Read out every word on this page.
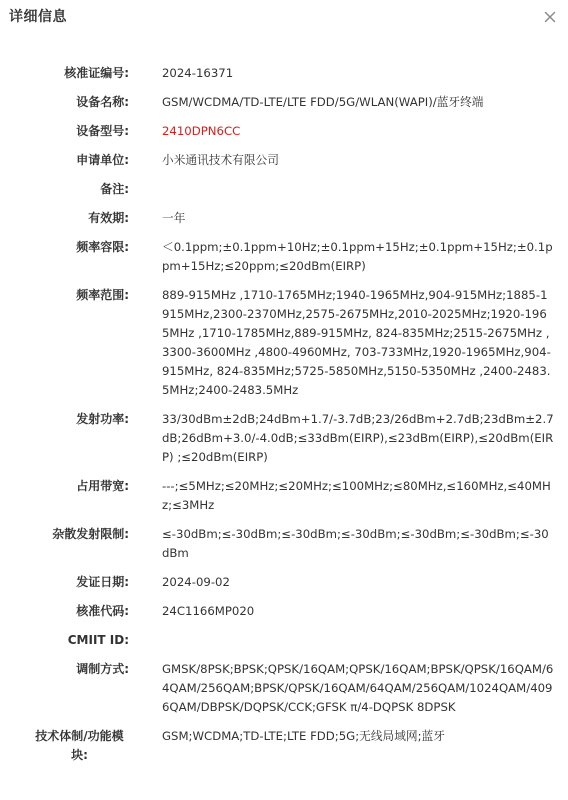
详细信息
核准证编号:	2024-16371
设备名称:	GSM/WCDMA/TD-LTE/LTE FDD/5G/WLAN(WAPI)/蓝牙终端
设备型号:	2410DPN6CC
申请单位:	小米通讯技术有限公司
备注:
有效期:	一年
频率容限:	＜0.1ppm;±0.1ppm+10Hz;±0.1ppm+15Hz;±0.1ppm+15Hz;±0.1ppm+15Hz;≤20ppm;≤20dBm(EIRP)
频率范围:	889-915MHz ,1710-1765MHz;1940-1965MHz,904-915MHz;1885-1915MHz,2300-2370MHz,2575-2675MHz,2010-2025MHz;1920-1965MHz ,1710-1785MHz,889-915MHz, 824-835MHz;2515-2675MHz ,3300-3600MHz ,4800-4960MHz, 703-733MHz,1920-1965MHz,904-915MHz, 824-835MHz;5725-5850MHz,5150-5350MHz ,2400-2483.5MHz;2400-2483.5MHz
发射功率:	33/30dBm±2dB;24dBm+1.7/-3.7dB;23/26dBm+2.7dB;23dBm±2.7dB;26dBm+3.0/-4.0dB;≤33dBm(EIRP),≤23dBm(EIRP),≤20dBm(EIRP) ;≤20dBm(EIRP)
占用带宽:	---;≤5MHz;≤20MHz;≤20MHz;≤100MHz;≤80MHz,≤160MHz,≤40MHz;≤3MHz
杂散发射限制:	≤-30dBm;≤-30dBm;≤-30dBm;≤-30dBm;≤-30dBm;≤-30dBm;≤-30dBm
发证日期:	2024-09-02
核准代码:	24C1166MP020
CMIIT ID:
调制方式:	GMSK/8PSK;BPSK;QPSK/16QAM;QPSK/16QAM;BPSK/QPSK/16QAM/64QAM/256QAM;BPSK/QPSK/16QAM/64QAM/256QAM/1024QAM/4096QAM/DBPSK/DQPSK/CCK;GFSK π/4-DQPSK 8DPSK
技术体制/功能模块:
GSM;WCDMA;TD-LTE;LTE FDD;5G;无线局域网;蓝牙
